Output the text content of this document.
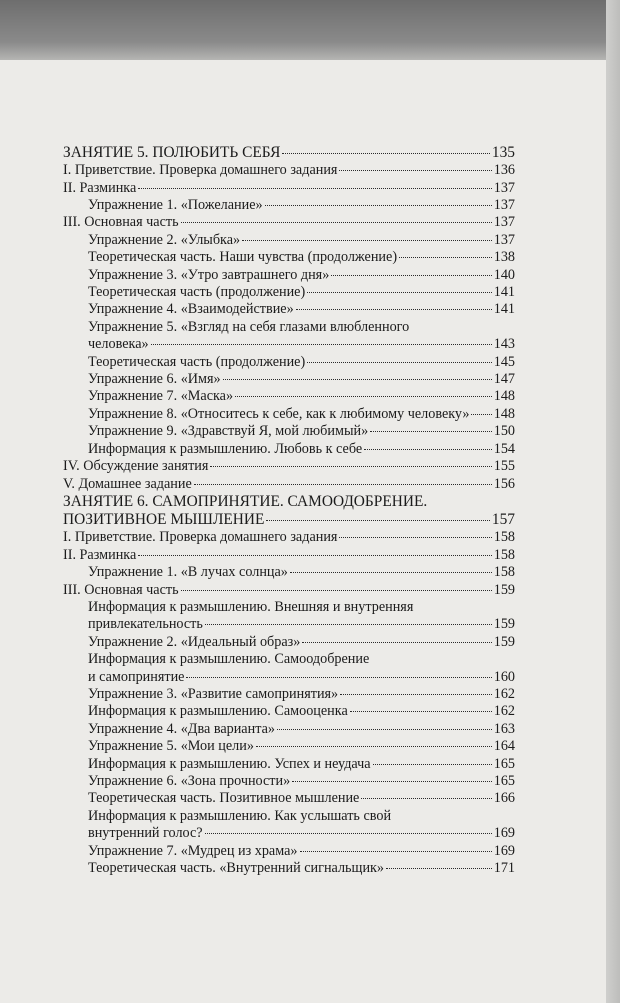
ЗАНЯТИЕ 5. ПОЛЮБИТЬ СЕБЯ	135
I. Приветствие. Проверка домашнего задания	136
II. Разминка	137
Упражнение 1. «Пожелание»	137
III. Основная часть	137
Упражнение 2. «Улыбка»	137
Теоретическая часть. Наши чувства (продолжение)	138
Упражнение 3. «Утро завтрашнего дня»	140
Теоретическая часть (продолжение)	141
Упражнение 4. «Взаимодействие»	141
Упражнение 5. «Взгляд на себя глазами влюбленного
человека»	143
Теоретическая часть (продолжение)	145
Упражнение 6. «Имя»	147
Упражнение 7. «Маска»	148
Упражнение 8. «Относитесь к себе, как к любимому человеку» 148
Упражнение 9. «Здравствуй Я, мой любимый»	150
Информация к размышлению. Любовь к себе	154
IV. Обсуждение занятия	155
V. Домашнее задание	156
ЗАНЯТИЕ 6. САМОПРИНЯТИЕ. САМООДОБРЕНИЕ.
ПОЗИТИВНОЕ МЫШЛЕНИЕ	157
I. Приветствие. Проверка домашнего задания	158
II. Разминка	158
Упражнение 1. «В лучах солнца»	158
III. Основная часть	159
Информация к размышлению. Внешняя и внутренняя
привлекательность	159
Упражнение 2. «Идеальный образ»	159
Информация к размышлению. Самоодобрение
и самопринятие	160
Упражнение 3. «Развитие самопринятия»	162
Информация к размышлению. Самооценка	162
Упражнение 4. «Два варианта»	163
Упражнение 5. «Мои цели»	164
Информация к размышлению. Успех и неудача	165
Упражнение 6. «Зона прочности»	165
Теоретическая часть. Позитивное мышление	166
Информация к размышлению. Как услышать свой
внутренний голос?	169
Упражнение 7. «Мудрец из храма»	169
Теоретическая часть. «Внутренний сигнальщик»	171
